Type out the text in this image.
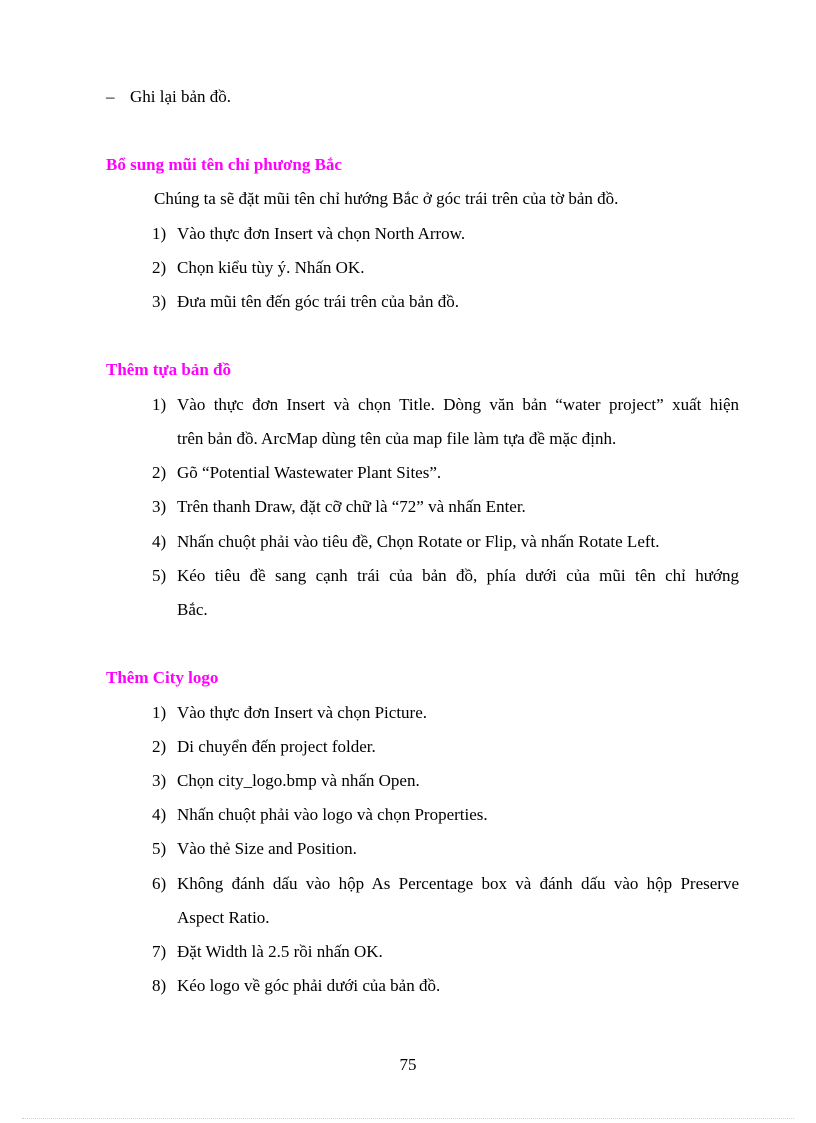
– Ghi lại bản đồ.
Bổ sung mũi tên chỉ phương Bắc
Chúng ta sẽ đặt mũi tên chỉ hướng Bắc ở góc trái trên của tờ bản đồ.
1) Vào thực đơn Insert và chọn North Arrow.
2) Chọn kiểu tùy ý. Nhấn OK.
3) Đưa mũi tên đến góc trái trên của bản đồ.
Thêm tựa bản đồ
1) Vào thực đơn Insert và chọn Title. Dòng văn bản “water project” xuất hiện
trên bản đồ. ArcMap dùng tên của map file làm tựa đề mặc định.
2) Gõ “Potential Wastewater Plant Sites”.
3) Trên thanh Draw, đặt cỡ chữ là “72” và nhấn Enter.
4) Nhấn chuột phải vào tiêu đề, Chọn Rotate or Flip, và nhấn Rotate Left.
5) Kéo tiêu đề sang cạnh trái của bản đồ, phía dưới của mũi tên chỉ hướng
Bắc.
Thêm City logo
1) Vào thực đơn Insert và chọn Picture.
2) Di chuyển đến project folder.
3) Chọn city_logo.bmp và nhấn Open.
4) Nhấn chuột phải vào logo và chọn Properties.
5) Vào thẻ Size and Position.
6) Không đánh dấu vào hộp As Percentage box và đánh dấu vào hộp Preserve
Aspect Ratio.
7) Đặt Width là 2.5 rồi nhấn OK.
8) Kéo logo về góc phải dưới của bản đồ.
75
